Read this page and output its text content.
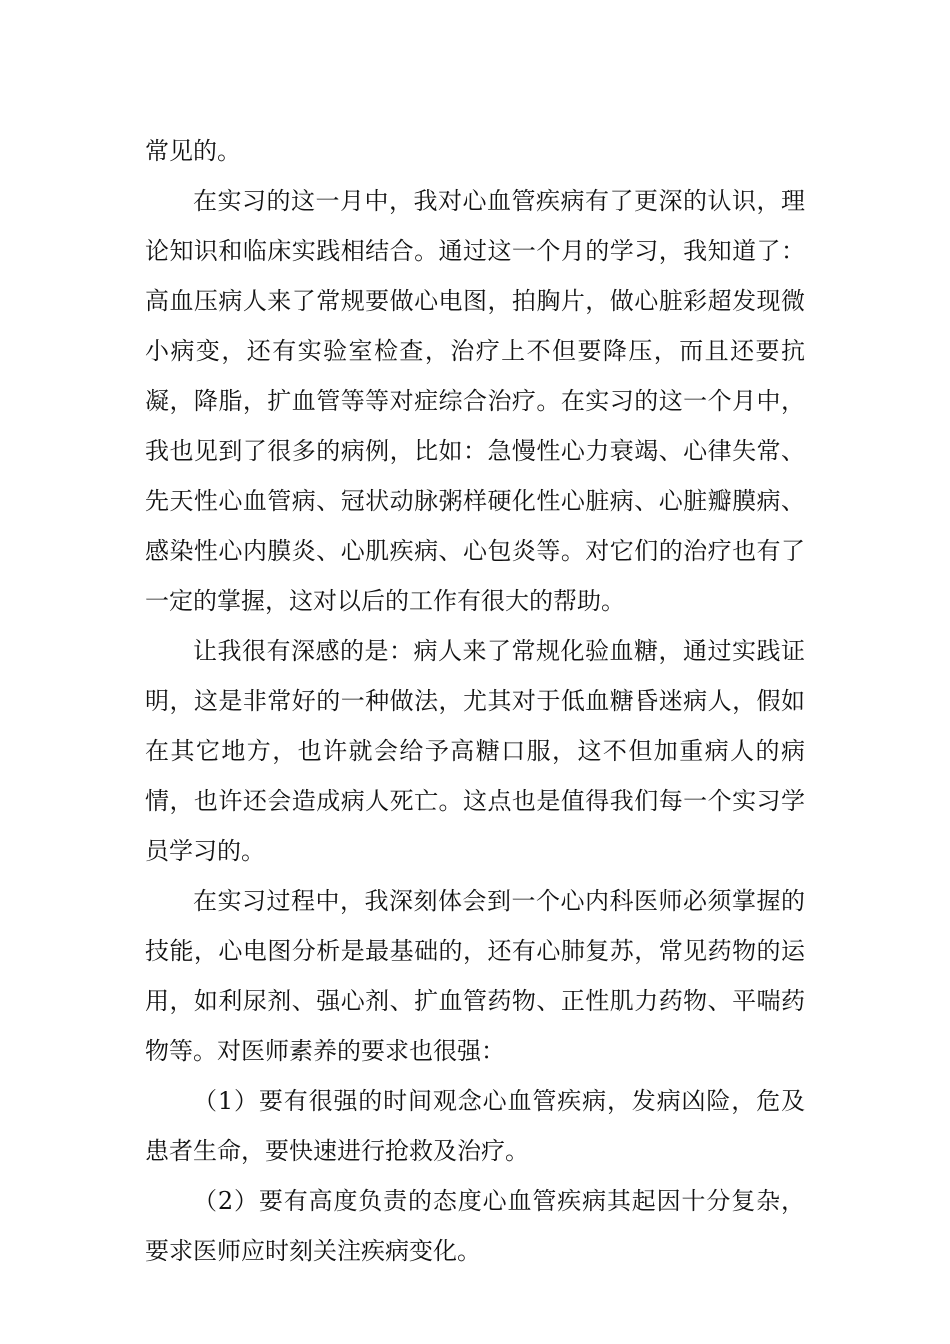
常见的。

在实习的这一月中，我对心血管疾病有了更深的认识，理论知识和临床实践相结合。通过这一个月的学习，我知道了：高血压病人来了常规要做心电图，拍胸片，做心脏彩超发现微小病变，还有实验室检查，治疗上不但要降压，而且还要抗凝，降脂，扩血管等等对症综合治疗。在实习的这一个月中，我也见到了很多的病例，比如：急慢性心力衰竭、心律失常、先天性心血管病、冠状动脉粥样硬化性心脏病、心脏瓣膜病、感染性心内膜炎、心肌疾病、心包炎等。对它们的治疗也有了一定的掌握，这对以后的工作有很大的帮助。

让我很有深感的是：病人来了常规化验血糖，通过实践证明，这是非常好的一种做法，尤其对于低血糖昏迷病人，假如在其它地方，也许就会给予高糖口服，这不但加重病人的病情，也许还会造成病人死亡。这点也是值得我们每一个实习学员学习的。

在实习过程中，我深刻体会到一个心内科医师必须掌握的技能，心电图分析是最基础的，还有心肺复苏，常见药物的运用，如利尿剂、强心剂、扩血管药物、正性肌力药物、平喘药物等。对医师素养的要求也很强：

（1）要有很强的时间观念心血管疾病，发病凶险，危及患者生命，要快速进行抢救及治疗。

（2）要有高度负责的态度心血管疾病其起因十分复杂，要求医师应时刻关注疾病变化。
